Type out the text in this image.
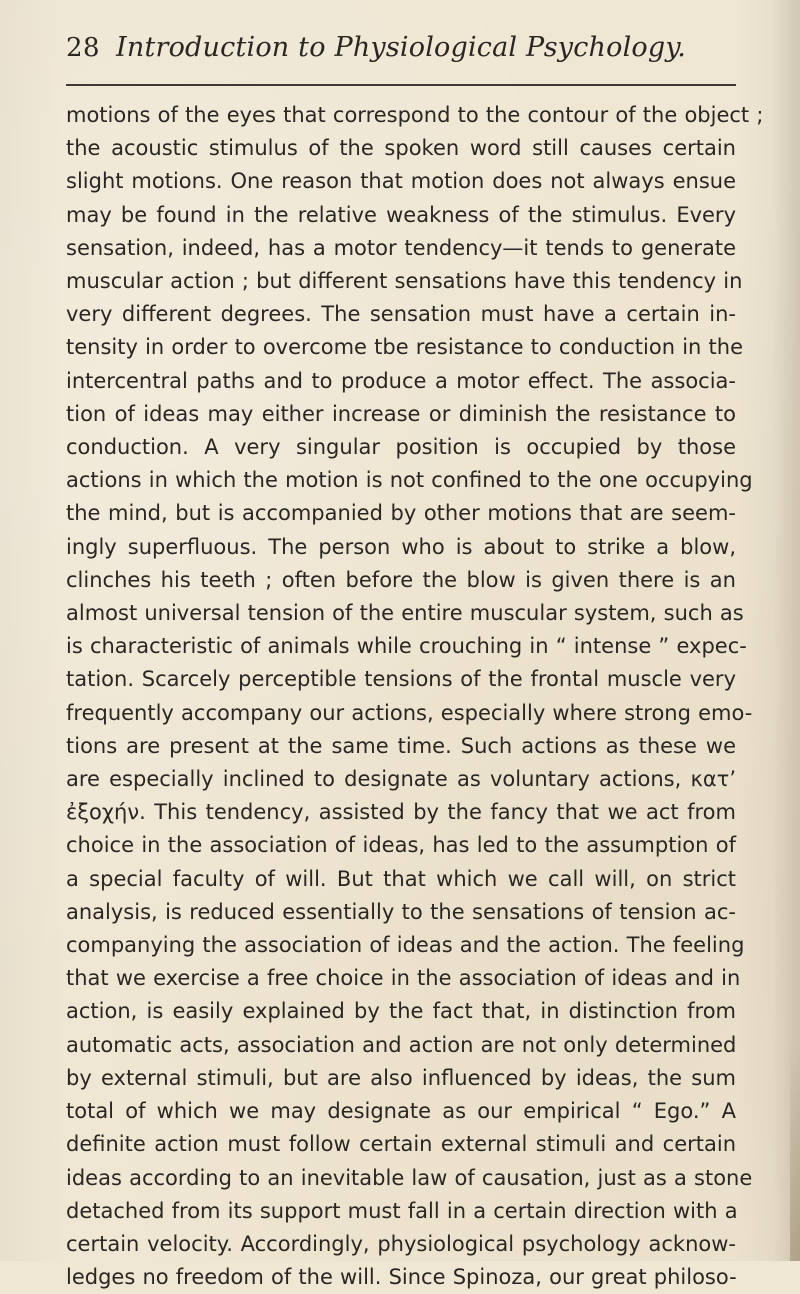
28 Introduction to Physiological Psychology.
motions of the eyes that correspond to the contour of the object ;
the acoustic stimulus of the spoken word still causes certain
slight motions. One reason that motion does not always ensue
may be found in the relative weakness of the stimulus. Every
sensation, indeed, has a motor tendency—it tends to generate
muscular action ; but different sensations have this tendency in
very different degrees. The sensation must have a certain in-
tensity in order to overcome tbe resistance to conduction in the
intercentral paths and to produce a motor effect. The associa-
tion of ideas may either increase or diminish the resistance to
conduction. A very singular position is occupied by those
actions in which the motion is not confined to the one occupying
the mind, but is accompanied by other motions that are seem-
ingly superfluous. The person who is about to strike a blow,
clinches his teeth ; often before the blow is given there is an
almost universal tension of the entire muscular system, such as
is characteristic of animals while crouching in “ intense ” expec-
tation. Scarcely perceptible tensions of the frontal muscle very
frequently accompany our actions, especially where strong emo-
tions are present at the same time. Such actions as these we
are especially inclined to designate as voluntary actions, κατ’
ἐξοχήν. This tendency, assisted by the fancy that we act from
choice in the association of ideas, has led to the assumption of
a special faculty of will. But that which we call will, on strict
analysis, is reduced essentially to the sensations of tension ac-
companying the association of ideas and the action. The feeling
that we exercise a free choice in the association of ideas and in
action, is easily explained by the fact that, in distinction from
automatic acts, association and action are not only determined
by external stimuli, but are also influenced by ideas, the sum
total of which we may designate as our empirical “ Ego.” A
definite action must follow certain external stimuli and certain
ideas according to an inevitable law of causation, just as a stone
detached from its support must fall in a certain direction with a
certain velocity. Accordingly, physiological psychology acknow-
ledges no freedom of the will. Since Spinoza, our great philoso-
